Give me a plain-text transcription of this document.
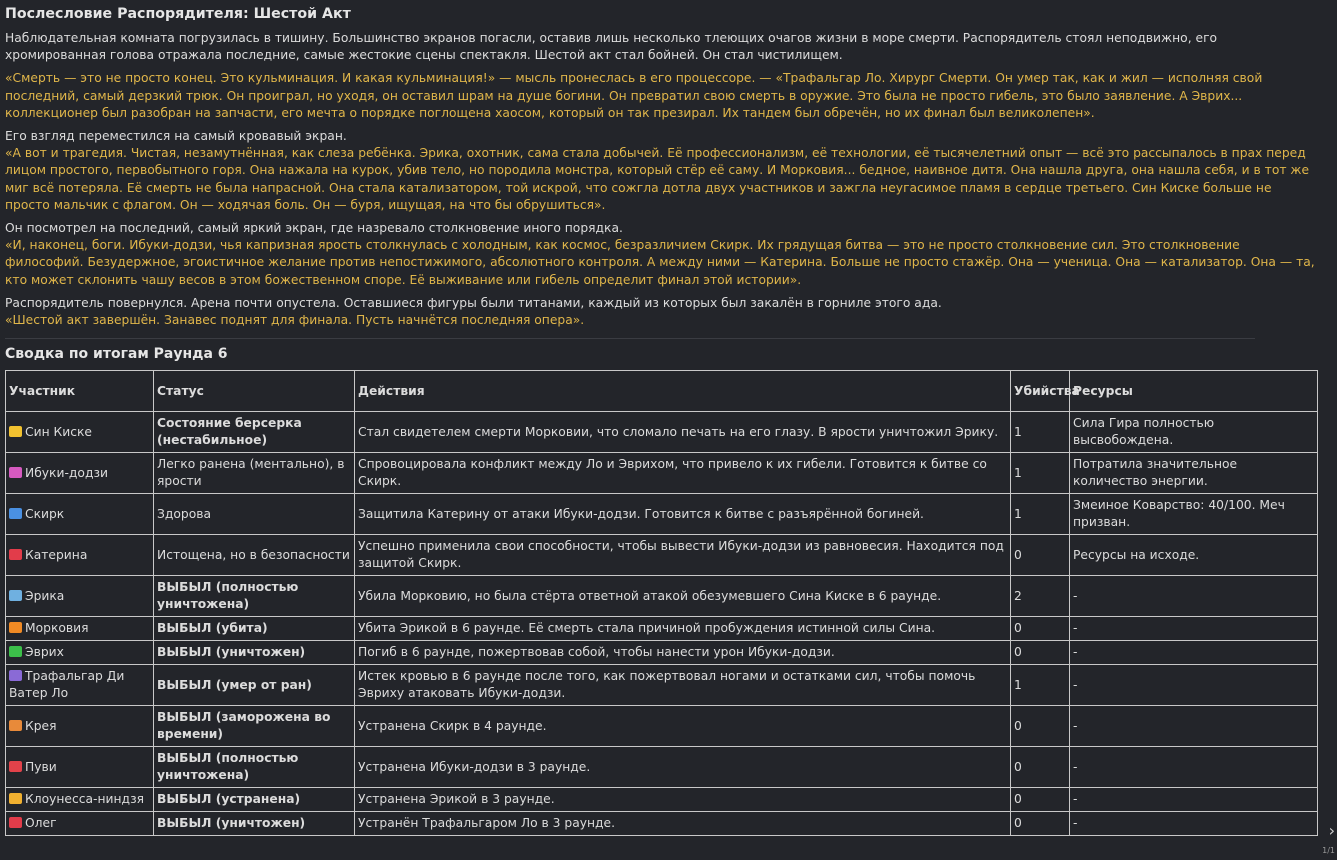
Послесловие Распорядителя: Шестой Акт

Наблюдательная комната погрузилась в тишину. Большинство экранов погасли, оставив лишь несколько тлеющих очагов жизни в море смерти. Распорядитель стоял неподвижно, его хромированная голова отражала последние, самые жестокие сцены спектакля. Шестой акт стал бойней. Он стал чистилищем.

«Смерть — это не просто конец. Это кульминация. И какая кульминация!» — мысль пронеслась в его процессоре. — «Трафальгар Ло. Хирург Смерти. Он умер так, как и жил — исполняя свой последний, самый дерзкий трюк. Он проиграл, но уходя, он оставил шрам на душе богини. Он превратил свою смерть в оружие. Это была не просто гибель, это было заявление. А Эврих... коллекционер был разобран на запчасти, его мечта о порядке поглощена хаосом, который он так презирал. Их тандем был обречён, но их финал был великолепен».

Его взгляд переместился на самый кровавый экран.
«А вот и трагедия. Чистая, незамутнённая, как слеза ребёнка. Эрика, охотник, сама стала добычей. Её профессионализм, её технологии, её тысячелетний опыт — всё это рассыпалось в прах перед лицом простого, первобытного горя. Она нажала на курок, убив тело, но породила монстра, который стёр её саму. И Морковия... бедное, наивное дитя. Она нашла друга, она нашла себя, и в тот же миг всё потеряла. Её смерть не была напрасной. Она стала катализатором, той искрой, что сожгла дотла двух участников и зажгла неугасимое пламя в сердце третьего. Син Киске больше не просто мальчик с флагом. Он — ходячая боль. Он — буря, ищущая, на что бы обрушиться».

Он посмотрел на последний, самый яркий экран, где назревало столкновение иного порядка.
«И, наконец, боги. Ибуки-додзи, чья капризная ярость столкнулась с холодным, как космос, безразличием Скирк. Их грядущая битва — это не просто столкновение сил. Это столкновение философий. Безудержное, эгоистичное желание против непостижимого, абсолютного контроля. А между ними — Катерина. Больше не просто стажёр. Она — ученица. Она — катализатор. Она — та, кто может склонить чашу весов в этом божественном споре. Её выживание или гибель определит финал этой истории».

Распорядитель повернулся. Арена почти опустела. Оставшиеся фигуры были титанами, каждый из которых был закалён в горниле этого ада.
«Шестой акт завершён. Занавес поднят для финала. Пусть начнётся последняя опера».

Сводка по итогам Раунда 6
Участник	Статус	Действия	Убийства	Ресурсы
Син Киске	Состояние берсерка (нестабильное)	Стал свидетелем смерти Морковии, что сломало печать на его глазу. В ярости уничтожил Эрику.	1	Сила Гира полностью высвобождена.
Ибуки-додзи	Легко ранена (ментально), в ярости	Спровоцировала конфликт между Ло и Эврихом, что привело к их гибели. Готовится к битве со Скирк.	1	Потратила значительное количество энергии.
Скирк	Здорова	Защитила Катерину от атаки Ибуки-додзи. Готовится к битве с разъярённой богиней.	1	Змеиное Коварство: 40/100. Меч призван.
Катерина	Истощена, но в безопасности	Успешно применила свои способности, чтобы вывести Ибуки-додзи из равновесия. Находится под защитой Скирк.	0	Ресурсы на исходе.
Эрика	ВЫБЫЛ (полностью уничтожена)	Убила Морковию, но была стёрта ответной атакой обезумевшего Сина Киске в 6 раунде.	2	-
Морковия	ВЫБЫЛ (убита)	Убита Эрикой в 6 раунде. Её смерть стала причиной пробуждения истинной силы Сина.	0	-
Эврих	ВЫБЫЛ (уничтожен)	Погиб в 6 раунде, пожертвовав собой, чтобы нанести урон Ибуки-додзи.	0	-
Трафальгар Ди Ватер Ло	ВЫБЫЛ (умер от ран)	Истек кровью в 6 раунде после того, как пожертвовал ногами и остатками сил, чтобы помочь Эвриху атаковать Ибуки-додзи.	1	-
Крея	ВЫБЫЛ (заморожена во времени)	Устранена Скирк в 4 раунде.	0	-
Пуви	ВЫБЫЛ (полностью уничтожена)	Устранена Ибуки-додзи в 3 раунде.	0	-
Клоунесса-ниндзя	ВЫБЫЛ (устранена)	Устранена Эрикой в 3 раунде.	0	-
Олег	ВЫБЫЛ (уничтожен)	Устранён Трафальгаром Ло в 3 раунде.	0	-	›
1/1
